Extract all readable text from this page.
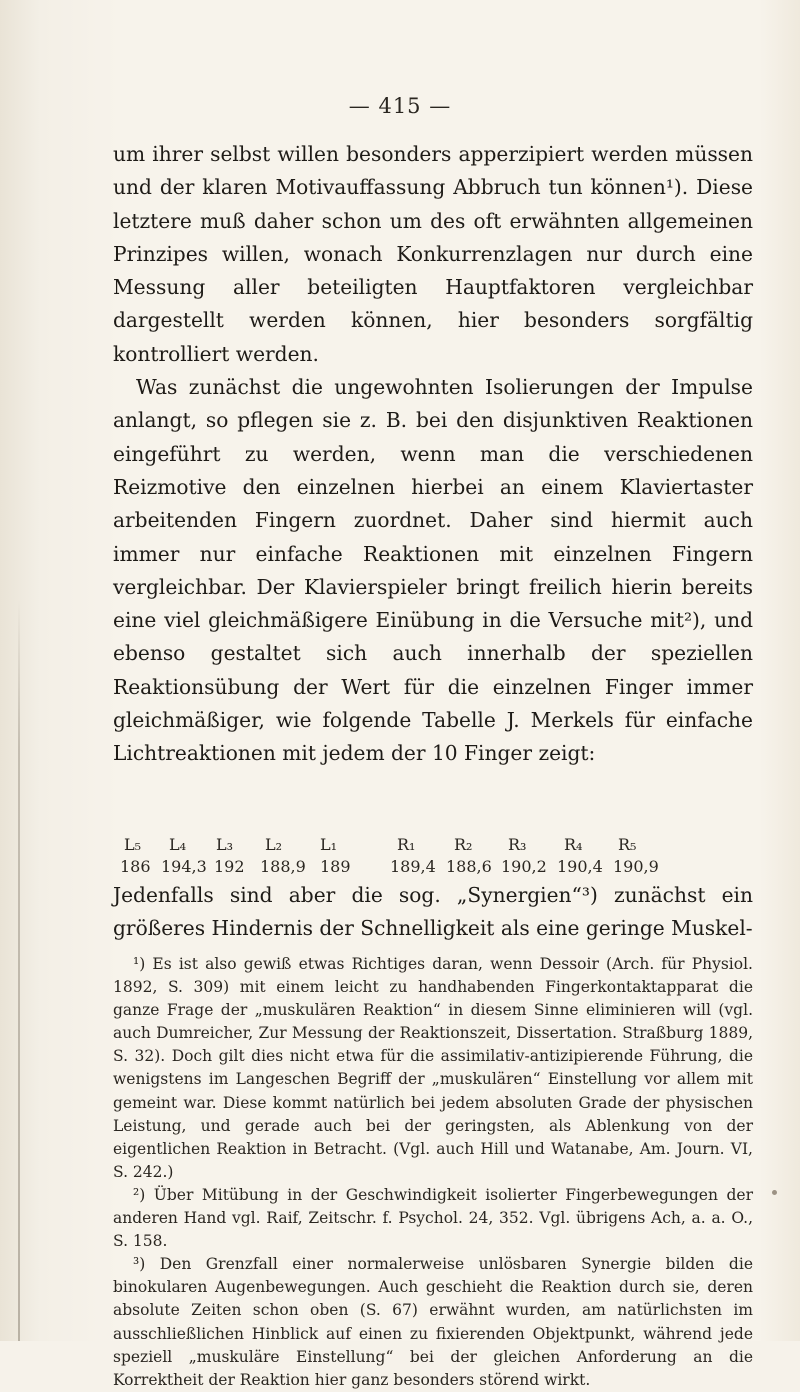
— 415 —

um ihrer selbst willen besonders apperzipiert werden müssen und der klaren Motivauffassung Abbruch tun können¹). Diese letztere muß daher schon um des oft erwähnten allgemeinen Prinzipes willen, wonach Konkurrenzlagen nur durch eine Messung aller beteiligten Hauptfaktoren vergleichbar dargestellt werden können, hier besonders sorgfältig kontrolliert werden.

Was zunächst die ungewohnten Isolierungen der Impulse anlangt, so pflegen sie z. B. bei den disjunktiven Reaktionen eingeführt zu werden, wenn man die verschiedenen Reizmotive den einzelnen hierbei an einem Klaviertaster arbeitenden Fingern zuordnet. Daher sind hiermit auch immer nur einfache Reaktionen mit einzelnen Fingern vergleichbar. Der Klavierspieler bringt freilich hierin bereits eine viel gleichmäßigere Einübung in die Versuche mit²), und ebenso gestaltet sich auch innerhalb der speziellen Reaktionsübung der Wert für die einzelnen Finger immer gleichmäßiger, wie folgende Tabelle J. Merkels für einfache Lichtreaktionen mit jedem der 10 Finger zeigt:

L₅ L₄ L₃ L₂ L₁	R₁ R₂ R₃ R₄ R₅
186 194,3 192 188,9 189 189,4 188,6 190,2 190,4 190,9

Jedenfalls sind aber die sog. „Synergien“³) zunächst ein größeres Hindernis der Schnelligkeit als eine geringe Muskel-

¹) Es ist also gewiß etwas Richtiges daran, wenn Dessoir (Arch. für Physiol. 1892, S. 309) mit einem leicht zu handhabenden Fingerkontaktapparat die ganze Frage der „muskulären Reaktion“ in diesem Sinne eliminieren will (vgl. auch Dumreicher, Zur Messung der Reaktionszeit, Dissertation. Straßburg 1889, S. 32). Doch gilt dies nicht etwa für die assimilativ-antizipierende Führung, die wenigstens im Langeschen Begriff der „muskulären“ Einstellung vor allem mit gemeint war. Diese kommt natürlich bei jedem absoluten Grade der physischen Leistung, und gerade auch bei der geringsten, als Ablenkung von der eigentlichen Reaktion in Betracht. (Vgl. auch Hill und Watanabe, Am. Journ. VI, S. 242.)

²) Über Mitübung in der Geschwindigkeit isolierter Fingerbewegungen der anderen Hand vgl. Raif, Zeitschr. f. Psychol. 24, 352. Vgl. übrigens Ach, a. a. O., S. 158.

³) Den Grenzfall einer normalerweise unlösbaren Synergie bilden die binokularen Augenbewegungen. Auch geschieht die Reaktion durch sie, deren absolute Zeiten schon oben (S. 67) erwähnt wurden, am natürlichsten im ausschließlichen Hinblick auf einen zu fixierenden Objektpunkt, während jede speziell „muskuläre Einstellung“ bei der gleichen Anforderung an die Korrektheit der Reaktion hier ganz besonders störend wirkt.
